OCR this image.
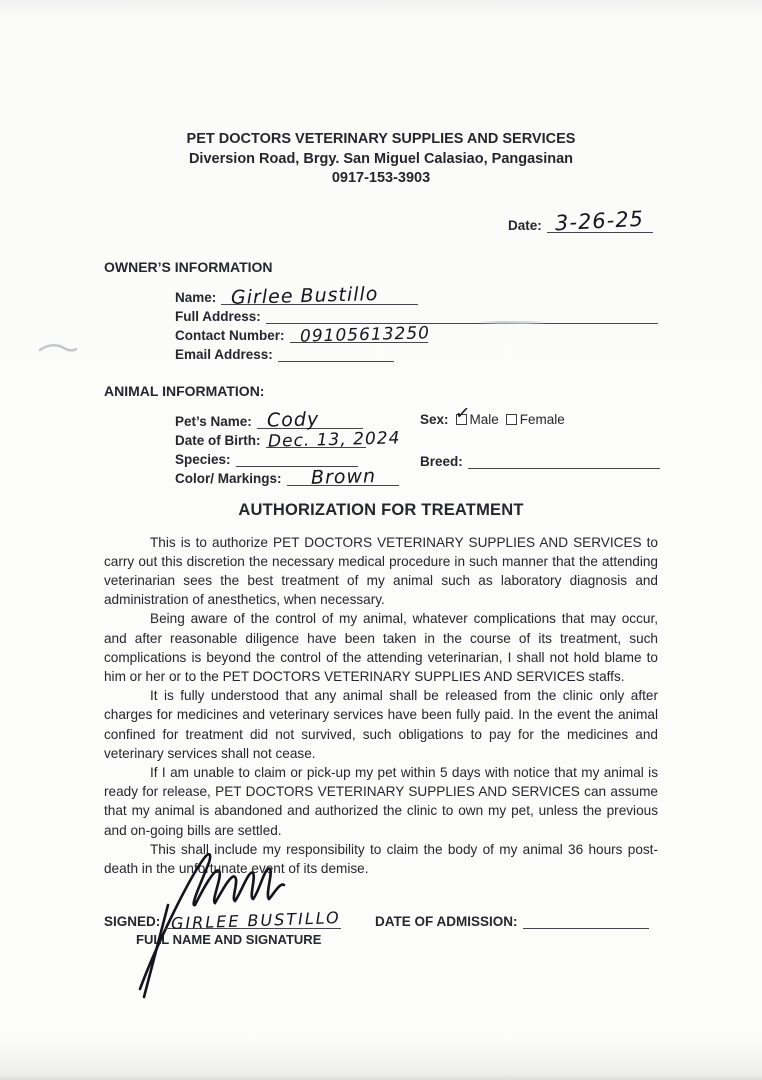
PET DOCTORS VETERINARY SUPPLIES AND SERVICES
Diversion Road, Brgy. San Miguel Calasiao, Pangasinan
0917-153-3903
Date: 3-26-25
OWNER’S INFORMATION
Name: Girlee Bustillo
Full Address:
Contact Number: 09105613250
Email Address:
ANIMAL INFORMATION:
Pet’s Name: Cody
Date of Birth: Dec. 13, 2024
Species:
Color/ Markings: Brown
Sex: ✓
Male Female
Breed:
AUTHORIZATION FOR TREATMENT

This is to authorize PET DOCTORS VETERINARY SUPPLIES AND SERVICES to carry out this discretion the necessary medical procedure in such manner that the attending veterinarian sees the best treatment of my animal such as laboratory diagnosis and administration of anesthetics, when necessary.

Being aware of the control of my animal, whatever complications that may occur, and after reasonable diligence have been taken in the course of its treatment, such complications is beyond the control of the attending veterinarian, I shall not hold blame to him or her or to the PET DOCTORS VETERINARY SUPPLIES AND SERVICES staffs.

It is fully understood that any animal shall be released from the clinic only after charges for medicines and veterinary services have been fully paid. In the event the animal confined for treatment did not survived, such obligations to pay for the medicines and veterinary services shall not cease.

If I am unable to claim or pick-up my pet within 5 days with notice that my animal is ready for release, PET DOCTORS VETERINARY SUPPLIES AND SERVICES can assume that my animal is abandoned and authorized the clinic to own my pet, unless the previous and on-going bills are settled.

This shall include my responsibility to claim the body of my animal 36 hours post-death in the unfortunate event of its demise.

SIGNED: GIRLEE BUSTILLO
FULL NAME AND SIGNATURE
DATE OF ADMISSION:
